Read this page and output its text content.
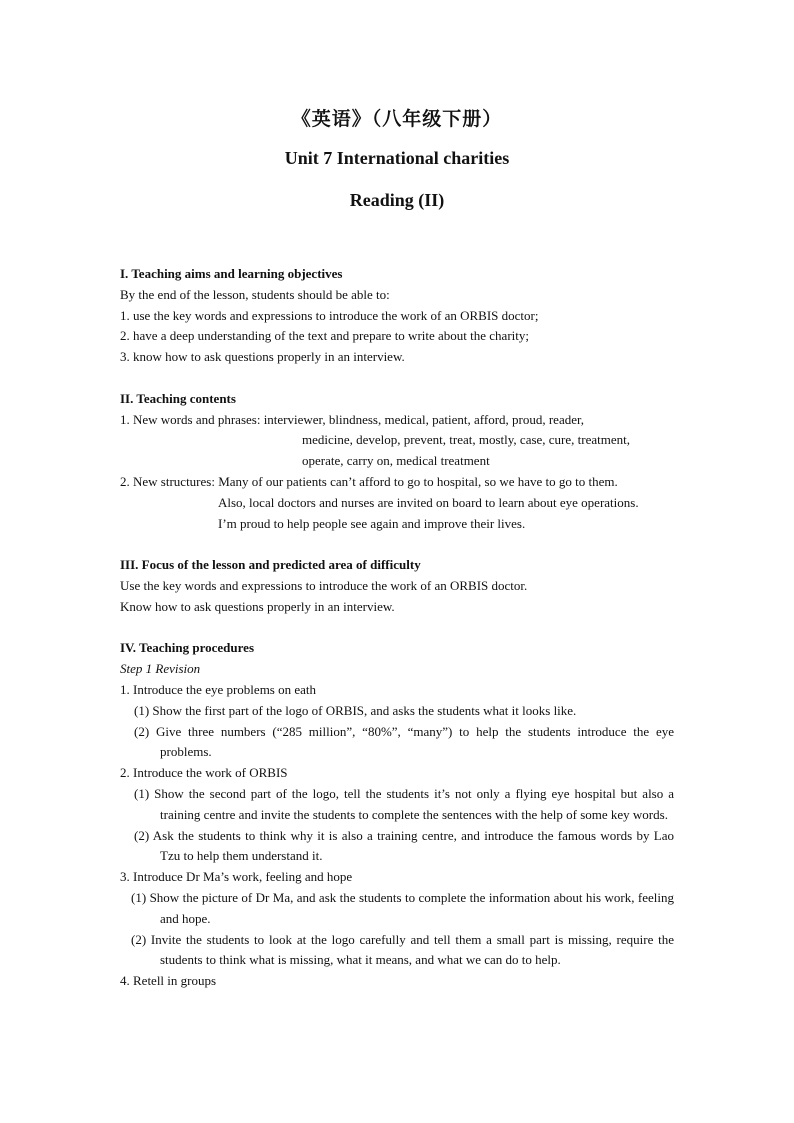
《英语》（八年级下册）
Unit 7 International charities
Reading (II)

I. Teaching aims and learning objectives

By the end of the lesson, students should be able to:

1. use the key words and expressions to introduce the work of an ORBIS doctor;

2. have a deep understanding of the text and prepare to write about the charity;

3. know how to ask questions properly in an interview.

II. Teaching contents

1. New words and phrases: interviewer, blindness, medical, patient, afford, proud, reader,

medicine, develop, prevent, treat, mostly, case, cure, treatment,

operate, carry on, medical treatment

2. New structures: Many of our patients can’t afford to go to hospital, so we have to go to them.

Also, local doctors and nurses are invited on board to learn about eye operations.

I’m proud to help people see again and improve their lives.

III. Focus of the lesson and predicted area of difficulty

Use the key words and expressions to introduce the work of an ORBIS doctor.

Know how to ask questions properly in an interview.

IV. Teaching procedures

Step 1 Revision

1. Introduce the eye problems on eath

(1) Show the first part of the logo of ORBIS, and asks the students what it looks like.

(2) Give three numbers (“285 million”, “80%”, “many”) to help the students introduce the eye problems.

2. Introduce the work of ORBIS

(1) Show the second part of the logo, tell the students it’s not only a flying eye hospital but also a training centre and invite the students to complete the sentences with the help of some key words.

(2) Ask the students to think why it is also a training centre, and introduce the famous words by Lao Tzu to help them understand it.

3. Introduce Dr Ma’s work, feeling and hope

(1) Show the picture of Dr Ma, and ask the students to complete the information about his work, feeling and hope.

(2) Invite the students to look at the logo carefully and tell them a small part is missing, require the students to think what is missing, what it means, and what we can do to help.

4. Retell in groups
